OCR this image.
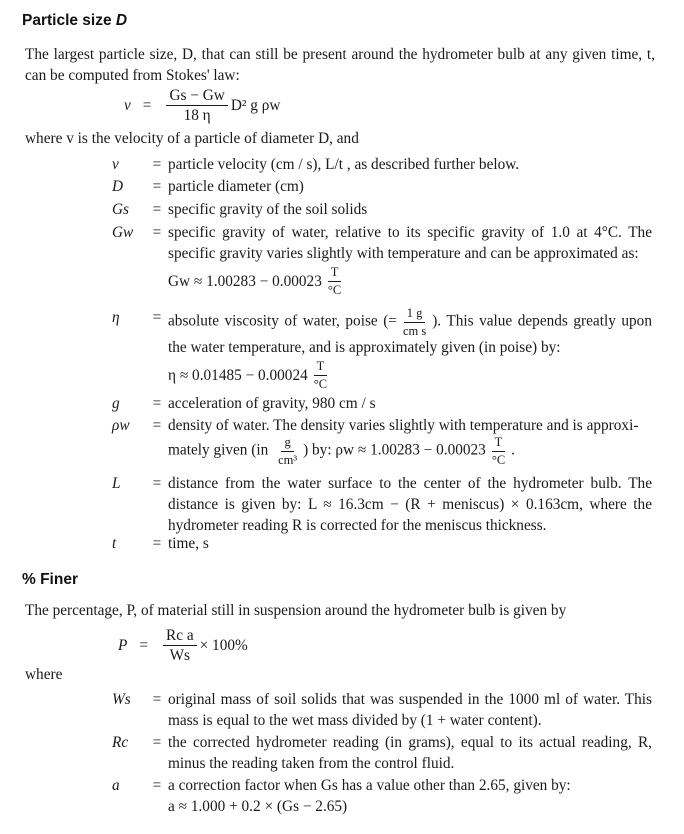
Particle size D
The largest particle size, D, that can still be present around the hydrometer bulb at any given time, t, can be computed from Stokes' law:
$v = \frac{Gs - Gw}{18 \eta} D^2$ g ρw
where v is the velocity of a particle of diameter D, and
v	= particle velocity (cm / s), L/t , as described further below.
D	= particle diameter (cm)
Gs	= specific gravity of the soil solids
Gw	= specific gravity of water, relative to its specific gravity of 1.0 at 4°C. The specific gravity varies slightly with temperature and can be approximated as:
$Gw \approx 1.00283 - 0.00023 \frac{T}{^\circ C}$
η	= absolute viscosity of water, poise (= $\frac{1 g}{\text{cm s}}$ ). This value depends greatly upon the water temperature, and is approximately given (in poise) by:
$\eta \approx 0.01485 - 0.00024 \frac{T}{^\circ C}$
g	= acceleration of gravity, 980 cm / s
ρw	= density of water. The density varies slightly with temperature and is approxi-
mately given ($in \frac{g}{\text{cm³}}$ ) by: $\rho w \approx 1.00283 - 0.00023 \frac{T}{^\circ C}$ .
L	= distance from the water surface to the center of the hydrometer bulb. The distance is given by: L ≈ 16.3cm − (R + meniscus) × 0.163cm, where the hydrometer reading R is corrected for the meniscus thickness.
t	= time, s
% Finer
The percentage, P, of material still in suspension around the hydrometer bulb is given by
$P = \frac{\text{Rc a}}{Ws} \times 100\%$
where
Ws	= original mass of soil solids that was suspended in the 1000 ml of water. This mass is equal to the wet mass divided by (1 + water content).
Rc	= the corrected hydrometer reading (in grams), equal to its actual reading, R, minus the reading taken from the control fluid.
a	= a correction factor when Gs has a value other than 2.65, given by:
a ≈ 1.000 + 0.2 × (Gs − 2.65)
